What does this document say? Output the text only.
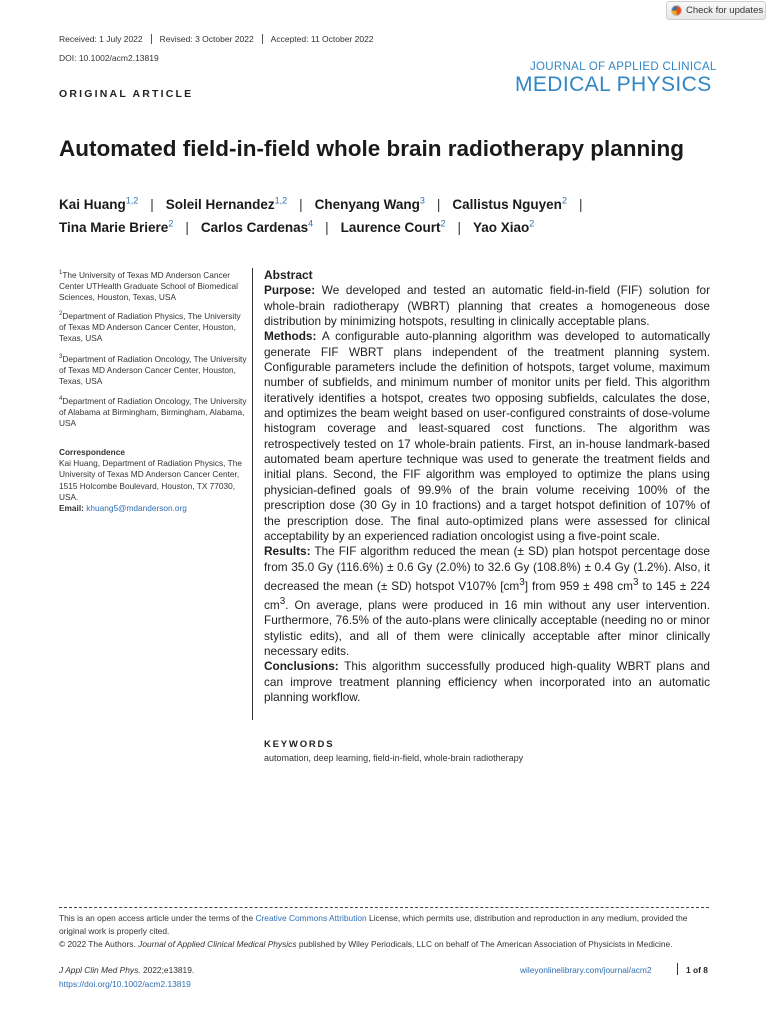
Check for updates
Received: 1 July 2022	Revised: 3 October 2022	Accepted: 11 October 2022
DOI: 10.1002/acm2.13819
JOURNAL OF APPLIED CLINICAL
MEDICAL PHYSICS
ORIGINAL ARTICLE
Automated field-in-field whole brain radiotherapy planning
Kai Huang$^{1,2}$ | Soleil Hernandez$^{1,2}$ | Chenyang Wang$^3$ | Callistus Nguyen$^2$ |
Tina Marie Briere$^2$ | Carlos Cardenas$^4$ | Laurence Court$^2$ | Yao Xiao$^2$
$^1$The University of Texas MD Anderson Cancer Center UTHealth Graduate School of Biomedical Sciences, Houston, Texas, USA
$^2$Department of Radiation Physics, The University of Texas MD Anderson Cancer Center, Houston, Texas, USA
$^3$Department of Radiation Oncology, The University of Texas MD Anderson Cancer Center, Houston, Texas, USA
$^4$Department of Radiation Oncology, The University of Alabama at Birmingham, Birmingham, Alabama, USA
Correspondence
Kai Huang, Department of Radiation Physics, The University of Texas MD Anderson Cancer Center, 1515 Holcombe Boulevard, Houston, TX 77030, USA.
Email: khuang5@mdanderson.org
Abstract

Purpose: We developed and tested an automatic field-in-field (FIF) solution for whole-brain radiotherapy (WBRT) planning that creates a homogeneous dose distribution by minimizing hotspots, resulting in clinically acceptable plans.

Methods: A configurable auto-planning algorithm was developed to automatically generate FIF WBRT plans independent of the treatment planning system. Configurable parameters include the definition of hotspots, target volume, maximum number of subfields, and minimum number of monitor units per field. This algorithm iteratively identifies a hotspot, creates two opposing subfields, calculates the dose, and optimizes the beam weight based on user-configured constraints of dose-volume histogram coverage and least-squared cost functions. The algorithm was retrospectively tested on 17 whole-brain patients. First, an in-house landmark-based automated beam aperture technique was used to generate the treatment fields and initial plans. Second, the FIF algorithm was employed to optimize the plans using physician-defined goals of 99.9% of the brain volume receiving 100% of the prescription dose (30 Gy in 10 fractions) and a target hotspot definition of 107% of the prescription dose. The final auto-optimized plans were assessed for clinical acceptability by an experienced radiation oncologist using a five-point scale.

Results: The FIF algorithm reduced the mean (± SD) plan hotspot percentage dose from 35.0 Gy (116.6%) ± 0.6 Gy (2.0%) to 32.6 Gy (108.8%) ± 0.4 Gy (1.2%). Also, it decreased the mean (± SD) hotspot V107% $[cm^3]$ from 959 ± 498 $cm^3$ to 145 ± 224 $cm^3$. On average, plans were produced in 16 min without any user intervention. Furthermore, 76.5% of the auto-plans were clinically acceptable (needing no or minor stylistic edits), and all of them were clinically acceptable after minor clinically necessary edits.

Conclusions: This algorithm successfully produced high-quality WBRT plans and can improve treatment planning efficiency when incorporated into an automatic planning workflow.

KEYWORDS
automation, deep learning, field-in-field, whole-brain radiotherapy
This is an open access article under the terms of the Creative Commons Attribution License, which permits use, distribution and reproduction in any medium, provided the original work is properly cited.
© 2022 The Authors. Journal of Applied Clinical Medical Physics published by Wiley Periodicals, LLC on behalf of The American Association of Physicists in Medicine.
J Appl Clin Med Phys. 2022;e13819.
https://doi.org/10.1002/acm2.13819
wileyonlinelibrary.com/journal/acm2	1 of 8
